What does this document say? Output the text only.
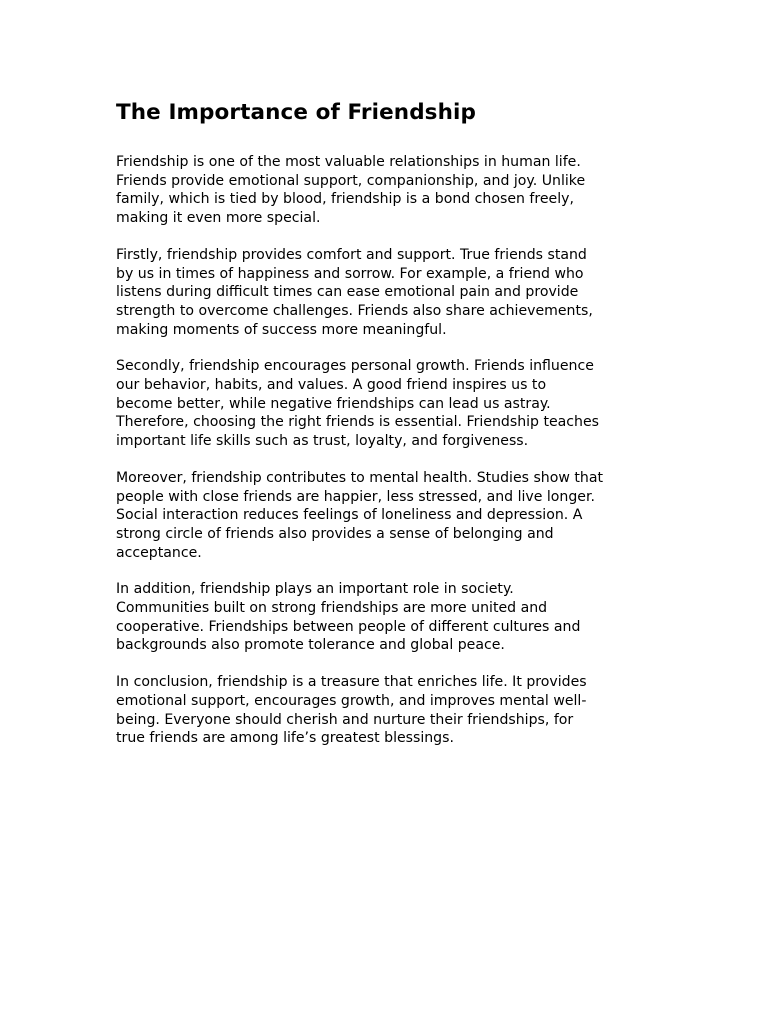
The Importance of Friendship

Friendship is one of the most valuable relationships in human life.
Friends provide emotional support, companionship, and joy. Unlike
family, which is tied by blood, friendship is a bond chosen freely,
making it even more special.

Firstly, friendship provides comfort and support. True friends stand
by us in times of happiness and sorrow. For example, a friend who
listens during difficult times can ease emotional pain and provide
strength to overcome challenges. Friends also share achievements,
making moments of success more meaningful.

Secondly, friendship encourages personal growth. Friends influence
our behavior, habits, and values. A good friend inspires us to
become better, while negative friendships can lead us astray.
Therefore, choosing the right friends is essential. Friendship teaches
important life skills such as trust, loyalty, and forgiveness.

Moreover, friendship contributes to mental health. Studies show that
people with close friends are happier, less stressed, and live longer.
Social interaction reduces feelings of loneliness and depression. A
strong circle of friends also provides a sense of belonging and
acceptance.

In addition, friendship plays an important role in society.
Communities built on strong friendships are more united and
cooperative. Friendships between people of different cultures and
backgrounds also promote tolerance and global peace.

In conclusion, friendship is a treasure that enriches life. It provides
emotional support, encourages growth, and improves mental well-
being. Everyone should cherish and nurture their friendships, for
true friends are among life’s greatest blessings.
